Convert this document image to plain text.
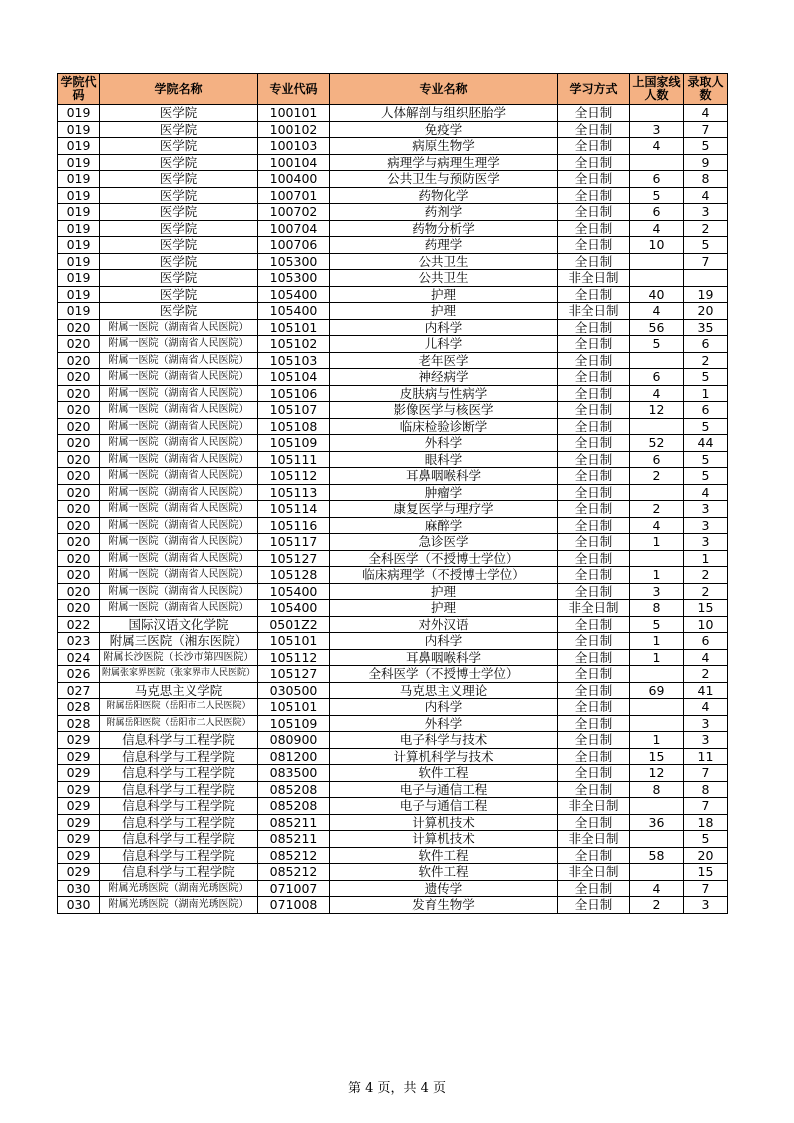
学院代码	学院名称	专业代码	专业名称	学习方式	上国家线人数	录取人数
019	医学院	100101	人体解剖与组织胚胎学	全日制		4
019	医学院	100102	免疫学	全日制	3	7
019	医学院	100103	病原生物学	全日制	4	5
019	医学院	100104	病理学与病理生理学	全日制		9
019	医学院	100400	公共卫生与预防医学	全日制	6	8
019	医学院	100701	药物化学	全日制	5	4
019	医学院	100702	药剂学	全日制	6	3
019	医学院	100704	药物分析学	全日制	4	2
019	医学院	100706	药理学	全日制	10	5
019	医学院	105300	公共卫生	全日制		7
019	医学院	105300	公共卫生	非全日制		
019	医学院	105400	护理	全日制	40	19
019	医学院	105400	护理	非全日制	4	20
020	附属一医院（湖南省人民医院）	105101	内科学	全日制	56	35
020	附属一医院（湖南省人民医院）	105102	儿科学	全日制	5	6
020	附属一医院（湖南省人民医院）	105103	老年医学	全日制		2
020	附属一医院（湖南省人民医院）	105104	神经病学	全日制	6	5
020	附属一医院（湖南省人民医院）	105106	皮肤病与性病学	全日制	4	1
020	附属一医院（湖南省人民医院）	105107	影像医学与核医学	全日制	12	6
020	附属一医院（湖南省人民医院）	105108	临床检验诊断学	全日制		5
020	附属一医院（湖南省人民医院）	105109	外科学	全日制	52	44
020	附属一医院（湖南省人民医院）	105111	眼科学	全日制	6	5
020	附属一医院（湖南省人民医院）	105112	耳鼻咽喉科学	全日制	2	5
020	附属一医院（湖南省人民医院）	105113	肿瘤学	全日制		4
020	附属一医院（湖南省人民医院）	105114	康复医学与理疗学	全日制	2	3
020	附属一医院（湖南省人民医院）	105116	麻醉学	全日制	4	3
020	附属一医院（湖南省人民医院）	105117	急诊医学	全日制	1	3
020	附属一医院（湖南省人民医院）	105127	全科医学（不授博士学位）	全日制		1
020	附属一医院（湖南省人民医院）	105128	临床病理学（不授博士学位）	全日制	1	2
020	附属一医院（湖南省人民医院）	105400	护理	全日制	3	2
020	附属一医院（湖南省人民医院）	105400	护理	非全日制	8	15
022	国际汉语文化学院	0501Z2	对外汉语	全日制	5	10
023	附属三医院（湘东医院）	105101	内科学	全日制	1	6
024	附属长沙医院（长沙市第四医院）	105112	耳鼻咽喉科学	全日制	1	4
026	附属张家界医院（张家界市人民医院）	105127	全科医学（不授博士学位）	全日制		2
027	马克思主义学院	030500	马克思主义理论	全日制	69	41
028	附属岳阳医院（岳阳市二人民医院）	105101	内科学	全日制		4
028	附属岳阳医院（岳阳市二人民医院）	105109	外科学	全日制		3
029	信息科学与工程学院	080900	电子科学与技术	全日制	1	3
029	信息科学与工程学院	081200	计算机科学与技术	全日制	15	11
029	信息科学与工程学院	083500	软件工程	全日制	12	7
029	信息科学与工程学院	085208	电子与通信工程	全日制	8	8
029	信息科学与工程学院	085208	电子与通信工程	非全日制		7
029	信息科学与工程学院	085211	计算机技术	全日制	36	18
029	信息科学与工程学院	085211	计算机技术	非全日制		5
029	信息科学与工程学院	085212	软件工程	全日制	58	20
029	信息科学与工程学院	085212	软件工程	非全日制		15
030	附属光琇医院（湖南光琇医院）	071007	遗传学	全日制	4	7
030	附属光琇医院（湖南光琇医院）	071008	发育生物学	全日制	2	3
第 4 页，共 4 页
